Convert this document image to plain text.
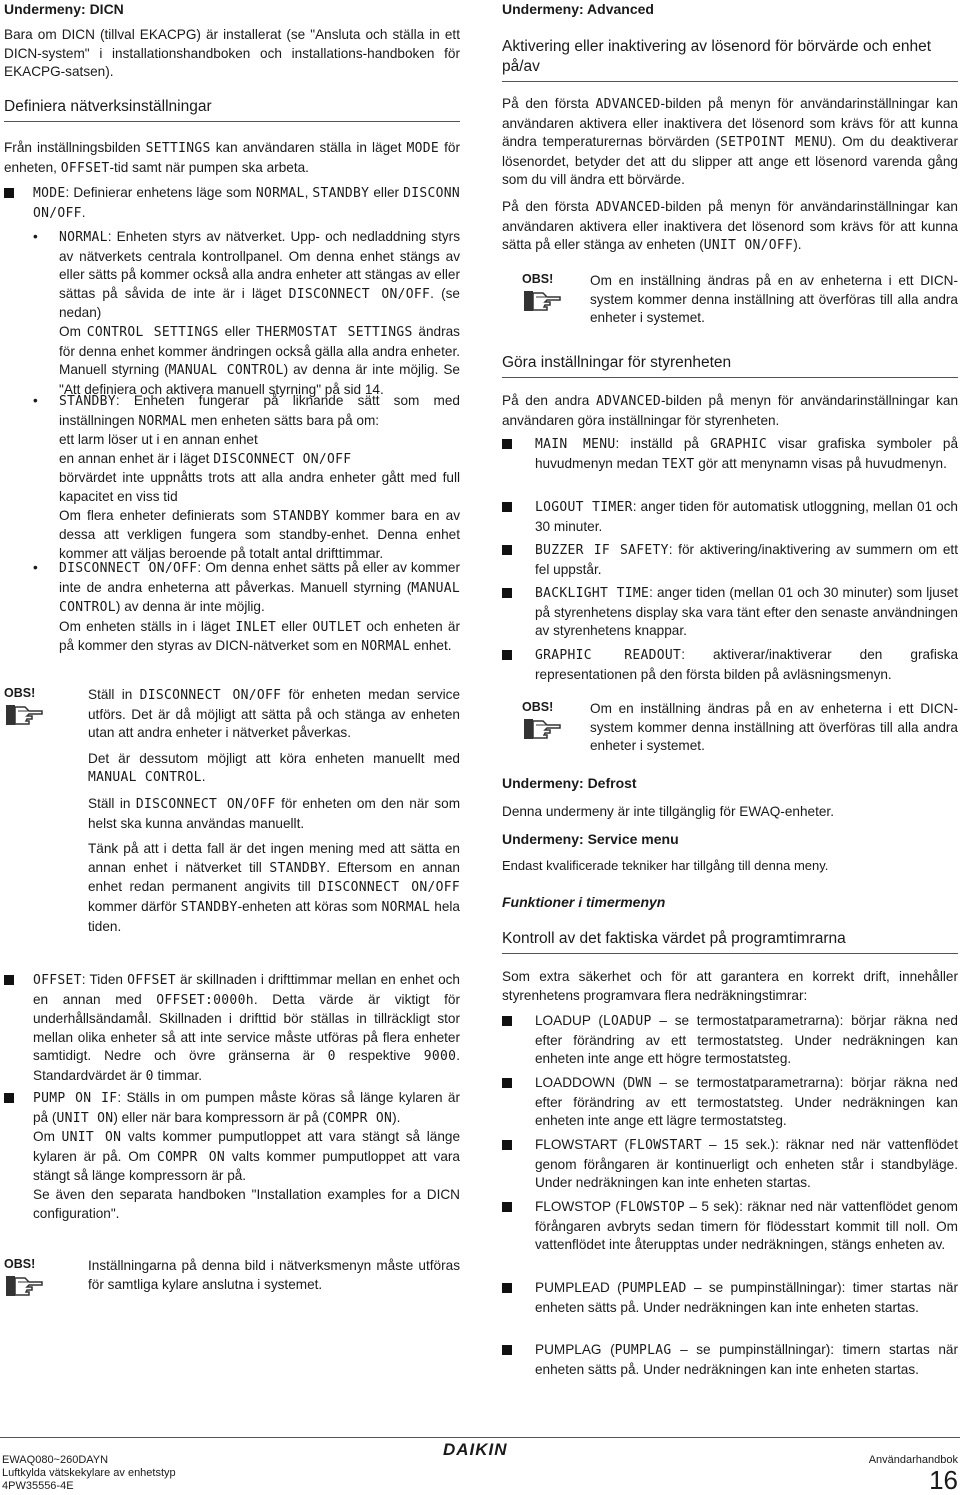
Undermeny: DICN

Bara om DICN (tillval EKACPG) är installerat (se "Ansluta och ställa in ett DICN-system" i installationshandboken och installations-handboken för EKACPG-satsen).

Definiera nätverksinställningar

Från inställningsbilden SETTINGS kan användaren ställa in läget MODE för enheten, OFFSET-tid samt när pumpen ska arbeta.

MODE: Definierar enhetens läge som NORMAL, STANDBY eller DISCONN ON/OFF.

• NORMAL: Enheten styrs av nätverket. Upp- och nedladdning styrs av nätverkets centrala kontrollpanel. Om denna enhet stängs av eller sätts på kommer också alla andra enheter att stängas av eller sättas på såvida de inte är i läget DISCONNECT ON/OFF. (se nedan)

Om CONTROL SETTINGS eller THERMOSTAT SETTINGS ändras för denna enhet kommer ändringen också gälla alla andra enheter. Manuell styrning (MANUAL CONTROL) av denna är inte möjlig. Se "Att definiera och aktivera manuell styrning" på sid 14.

• STANDBY: Enheten fungerar på liknande sätt som med inställningen NORMAL men enheten sätts bara på om:

ett larm löser ut i en annan enhet

en annan enhet är i läget DISCONNECT ON/OFF

börvärdet inte uppnåtts trots att alla andra enheter gått med full kapacitet en viss tid

Om flera enheter definierats som STANDBY kommer bara en av dessa att verkligen fungera som standby-enhet. Denna enhet kommer att väljas beroende på totalt antal drifttimmar.

• DISCONNECT ON/OFF: Om denna enhet sätts på eller av kommer inte de andra enheterna att påverkas. Manuell styrning (MANUAL CONTROL) av denna är inte möjlig.

Om enheten ställs in i läget INLET eller OUTLET och enheten är på kommer den styras av DICN-nätverket som en NORMAL enhet.

OBS!	Ställ in DISCONNECT ON/OFF för enheten medan service utförs. Det är då möjligt att sätta på och stänga av enheten utan att andra enheter i nätverket påverkas.

Det är dessutom möjligt att köra enheten manuellt med MANUAL CONTROL.

Ställ in DISCONNECT ON/OFF för enheten om den när som helst ska kunna användas manuellt.

Tänk på att i detta fall är det ingen mening med att sätta en annan enhet i nätverket till STANDBY. Eftersom en annan enhet redan permanent angivits till DISCONNECT ON/OFF kommer därför STANDBY-enheten att köras som NORMAL hela tiden.

OFFSET: Tiden OFFSET är skillnaden i drifttimmar mellan en enhet och en annan med OFFSET:0000h. Detta värde är viktigt för underhållsändamål. Skillnaden i drifttid bör ställas in tillräckligt stor mellan olika enheter så att inte service måste utföras på flera enheter samtidigt. Nedre och övre gränserna är 0 respektive 9000. Standardvärdet är 0 timmar.

PUMP ON IF: Ställs in om pumpen måste köras så länge kylaren är på (UNIT ON) eller när bara kompressorn är på (COMPR ON).

Om UNIT ON valts kommer pumputloppet att vara stängt så länge kylaren är på. Om COMPR ON valts kommer pumputloppet att vara stängt så länge kompressorn är på.

Se även den separata handboken "Installation examples for a DICN configuration".

OBS!	Inställningarna på denna bild i nätverksmenyn måste utföras för samtliga kylare anslutna i systemet.

Undermeny: Advanced
Aktivering eller inaktivering av lösenord för börvärde och enhet på/av

På den första ADVANCED-bilden på menyn för användarinställningar kan användaren aktivera eller inaktivera det lösenord som krävs för att kunna ändra temperaturernas börvärden (SETPOINT MENU). Om du deaktiverar lösenordet, betyder det att du slipper att ange ett lösenord varenda gång som du vill ändra ett börvärde.

På den första ADVANCED-bilden på menyn för användarinställningar kan användaren aktivera eller inaktivera det lösenord som krävs för att kunna sätta på eller stänga av enheten (UNIT ON/OFF).

OBS!	Om en inställning ändras på en av enheterna i ett DICN-system kommer denna inställning att överföras till alla andra enheter i systemet.

Göra inställningar för styrenheten

På den andra ADVANCED-bilden på menyn för användarinställningar kan användaren göra inställningar för styrenheten.

MAIN MENU: inställd på GRAPHIC visar grafiska symboler på huvudmenyn medan TEXT gör att menynamn visas på huvudmenyn.

LOGOUT TIMER: anger tiden för automatisk utloggning, mellan 01 och 30 minuter.

BUZZER IF SAFETY: för aktivering/inaktivering av summern om ett fel uppstår.

BACKLIGHT TIME: anger tiden (mellan 01 och 30 minuter) som ljuset på styrenhetens display ska vara tänt efter den senaste användningen av styrenhetens knappar.

GRAPHIC READOUT: aktiverar/inaktiverar den grafiska representationen på den första bilden på avläsningsmenyn.

OBS!	Om en inställning ändras på en av enheterna i ett DICN-system kommer denna inställning att överföras till alla andra enheter i systemet.

Undermeny: Defrost

Denna undermeny är inte tillgänglig för EWAQ-enheter.

Undermeny: Service menu

Endast kvalificerade tekniker har tillgång till denna meny.

Funktioner i timermenyn
Kontroll av det faktiska värdet på programtimrarna

Som extra säkerhet och för att garantera en korrekt drift, innehåller styrenhetens programvara flera nedräkningstimrar:

LOADUP (LOADUP – se termostatparametrarna): börjar räkna ned efter förändring av ett termostatsteg. Under nedräkningen kan enheten inte ange ett högre termostatsteg.

LOADDOWN (DWN – se termostatparametrarna): börjar räkna ned efter förändring av ett termostatsteg. Under nedräkningen kan enheten inte ange ett lägre termostatsteg.

FLOWSTART (FLOWSTART – 15 sek.): räknar ned när vattenflödet genom förångaren är kontinuerligt och enheten står i standbyläge. Under nedräkningen kan inte enheten startas.

FLOWSTOP (FLOWSTOP – 5 sek): räknar ned när vattenflödet genom förångaren avbryts sedan timern för flödesstart kommit till noll. Om vattenflödet inte återupptas under nedräkningen, stängs enheten av.

PUMPLEAD (PUMPLEAD – se pumpinställningar): timer startas när enheten sätts på. Under nedräkningen kan inte enheten startas.

PUMPLAG (PUMPLAG – se pumpinställningar): timern startas när enheten sätts på. Under nedräkningen kan inte enheten startas.

EWAQ080~260DAYN
Luftkylda vätskekylare av enhetstyp
4PW35556-4E
DAIKIN
Användarhandbok
16
